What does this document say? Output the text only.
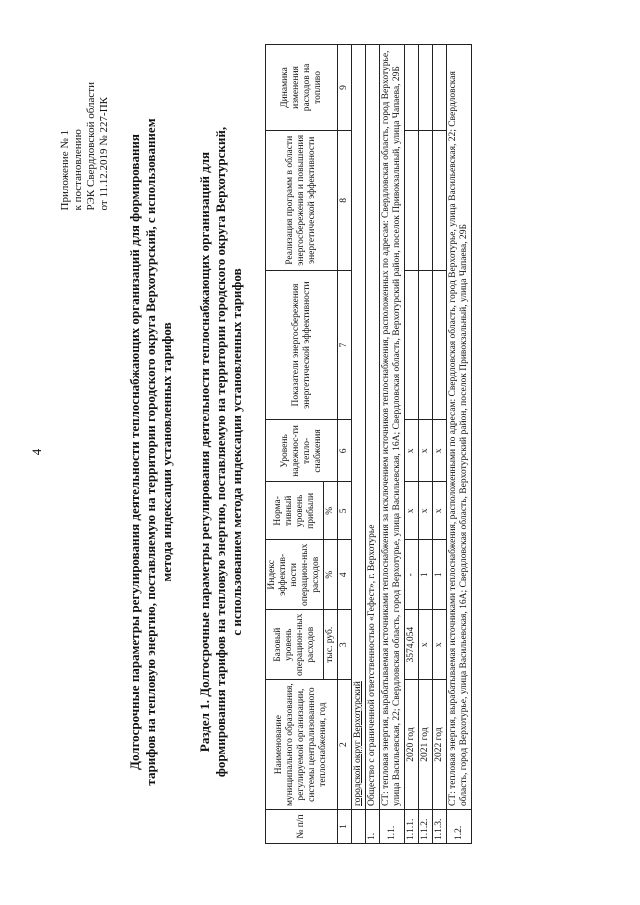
4
Приложение № 1 к постановлению РЭК Свердловской области от 11.12.2019 № 227-ПК Долгосрочные параметры регулирования деятельности теплоснабжающих организаций для формирования тарифов на тепловую энергию, поставляемую на территории городского округа Верхотурский, с использованием метода индексации установленных тарифов Раздел 1. Долгосрочные параметры регулирования деятельности теплоснабжающих организаций для формирования тарифов на тепловую энергию, поставляемую на территории городского округа Верхотурский, с использованием метода индексации установленных тарифов
№ п/п	Наименование муниципального образования, регулируемой организации, системы централизованного теплоснабжения, год	Базовый уровень операцион-ных расходов	Индекс эффектив-ности операцион-ных расходов	Норма-тивный уровень прибыли	Уровень надежнос-ти тепло-снабжения	Показатели энергосбережения энергетической эффективности	Реализация программ в области энергосбережения и повышения энергетической эффективности	Динамика изменения расходов на топливо
		тыс. руб.	%	%				
1	2	3	4	5	6	7	8	9
	городской округ Верхотурский							
1.	Общество с ограниченной ответственностью «Гефест», г. Верхотурье							
1.1.	СТ: тепловая энергия, вырабатываемая источниками теплоснабжения за исключением источников теплоснабжения, расположенных по адресам: Свердловская область, город Верхотурье, улица Васильевская, 22; Свердловская область, город Верхотурье, улица Васильевская, 16А; Свердловская область, Верхотурский район, поселок Привокзальный, улица Чапаева, 29Б							
1.1.1.	2020 год	3574,054	-	x	x			
1.1.2.	2021 год	x	1	x	x			
1.1.3.	2022 год	x	1	x	x			
1.2.	СТ: тепловая энергия, вырабатываемая источниками теплоснабжения, расположенными по адресам: Свердловская область, город Верхотурье, улица Васильевская, 22; Свердловская область, город Верхотурье, улица Васильевская, 16А; Свердловская область, Верхотурский район, поселок Привокзальный, улица Чапаева, 29Б							
